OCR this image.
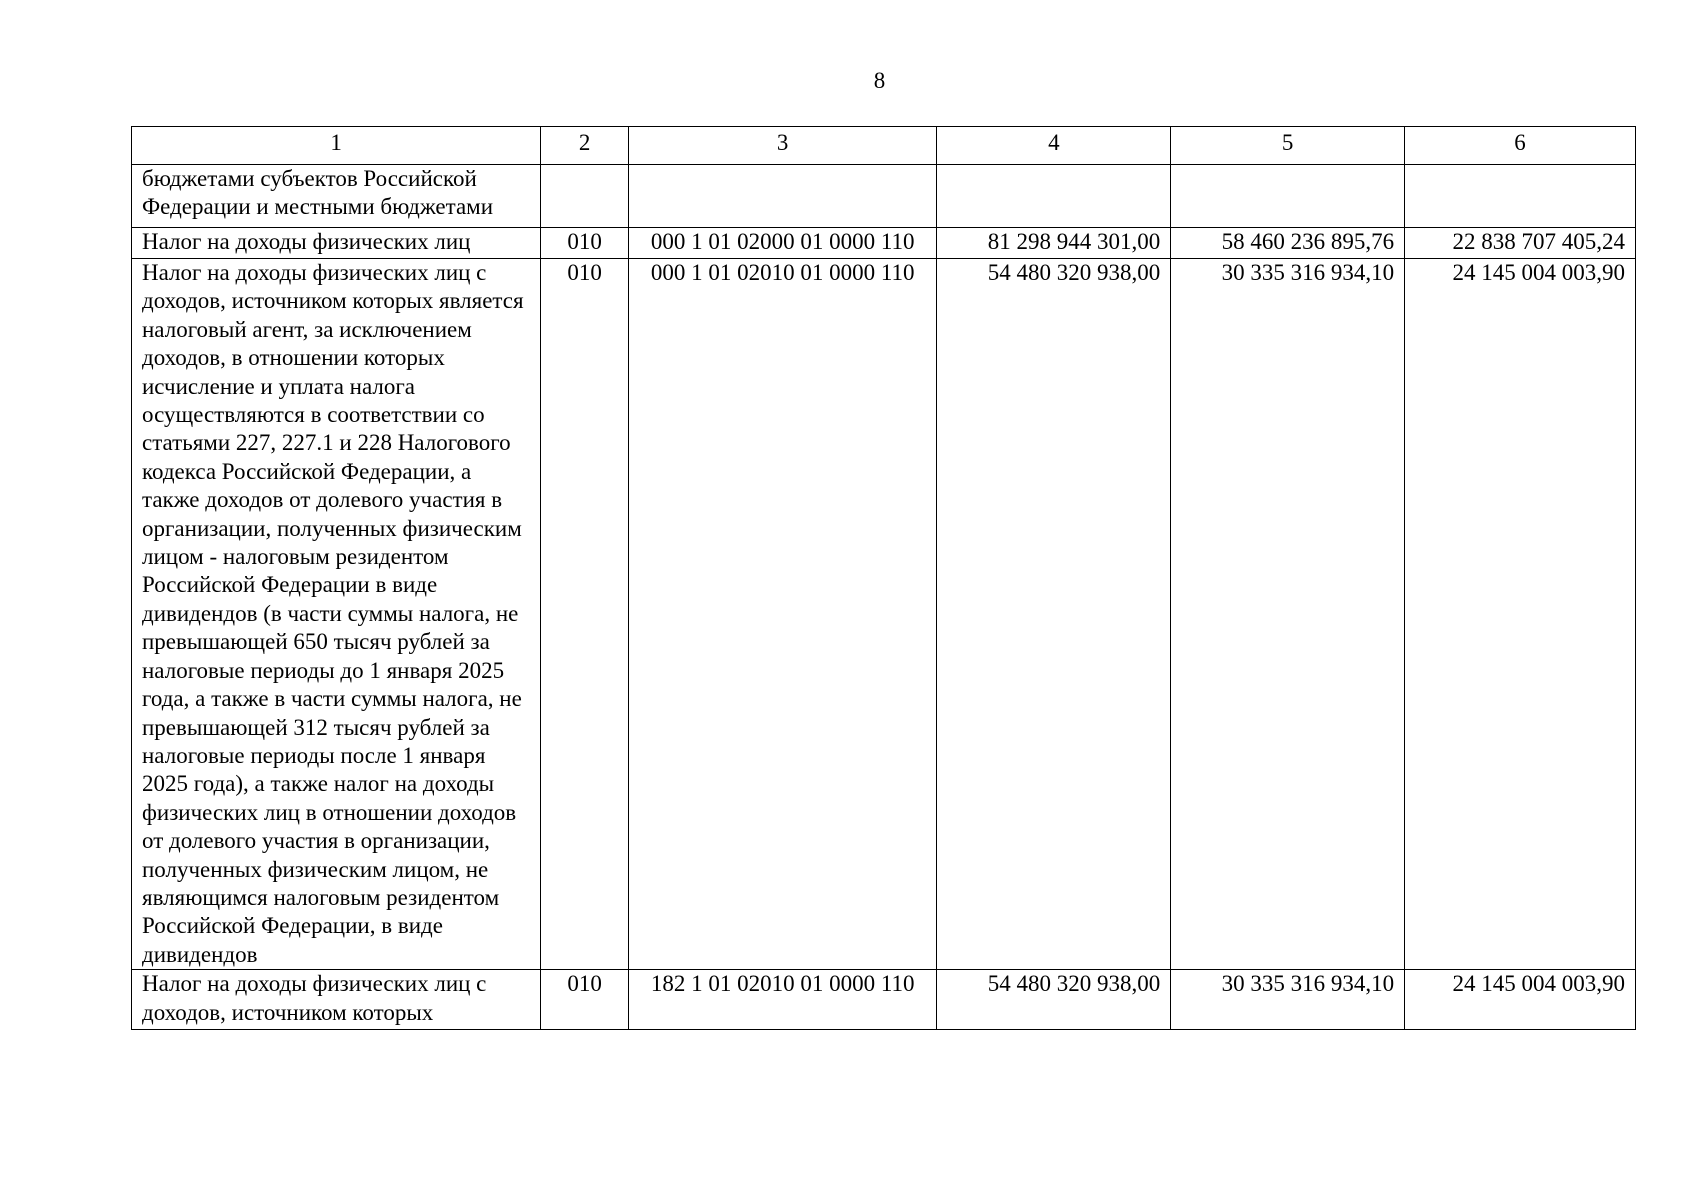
8
1	2	3	4	5	6
бюджетами субъектов Российской Федерации и местными бюджетами					
Налог на доходы физических лиц	010	000 1 01 02000 01 0000 110	81 298 944 301,00	58 460 236 895,76	22 838 707 405,24
Налог на доходы физических лиц с доходов, источником которых является налоговый агент, за исключением доходов, в отношении которых исчисление и уплата налога осуществляются в соответствии со статьями 227, 227.1 и 228 Налогового кодекса Российской Федерации, а также доходов от долевого участия в организации, полученных физическим лицом - налоговым резидентом Российской Федерации в виде дивидендов (в части суммы налога, не превышающей 650 тысяч рублей за налоговые периоды до 1 января 2025 года, а также в части суммы налога, не превышающей 312 тысяч рублей за налоговые периоды после 1 января 2025 года), а также налог на доходы физических лиц в отношении доходов от долевого участия в организации, полученных физическим лицом, не являющимся налоговым резидентом Российской Федерации, в виде дивидендов	010	000 1 01 02010 01 0000 110	54 480 320 938,00	30 335 316 934,10	24 145 004 003,90
Налог на доходы физических лиц с доходов, источником которых	010	182 1 01 02010 01 0000 110	54 480 320 938,00	30 335 316 934,10	24 145 004 003,90
